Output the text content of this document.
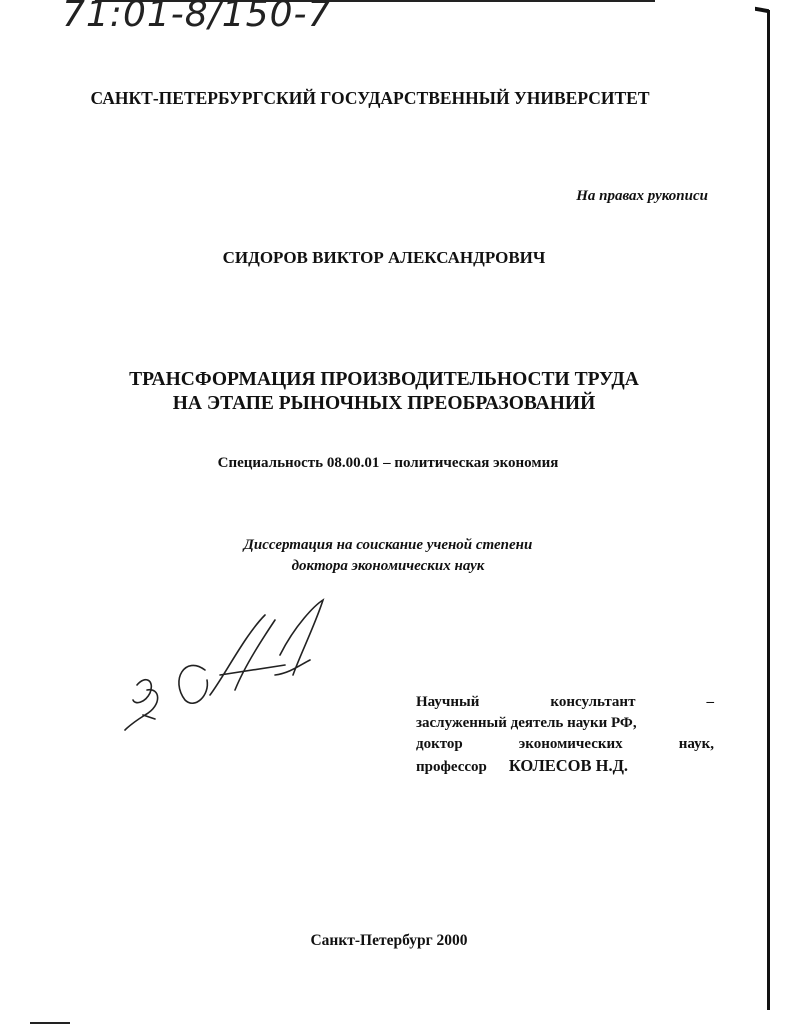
71:01-8/150-7
САНКТ-ПЕТЕРБУРГСКИЙ ГОСУДАРСТВЕННЫЙ УНИВЕРСИТЕТ
На правах рукописи
СИДОРОВ ВИКТОР АЛЕКСАНДРОВИЧ
ТРАНСФОРМАЦИЯ ПРОИЗВОДИТЕЛЬНОСТИ ТРУДА
НА ЭТАПЕ РЫНОЧНЫХ ПРЕОБРАЗОВАНИЙ
Специальность 08.00.01 – политическая экономия
Диссертация на соискание ученой степени
доктора экономических наук
Научный	консультант	–
заслуженный деятель науки РФ,
доктор	экономических	наук,
профессор КОЛЕСОВ Н.Д.
Санкт-Петербург 2000
